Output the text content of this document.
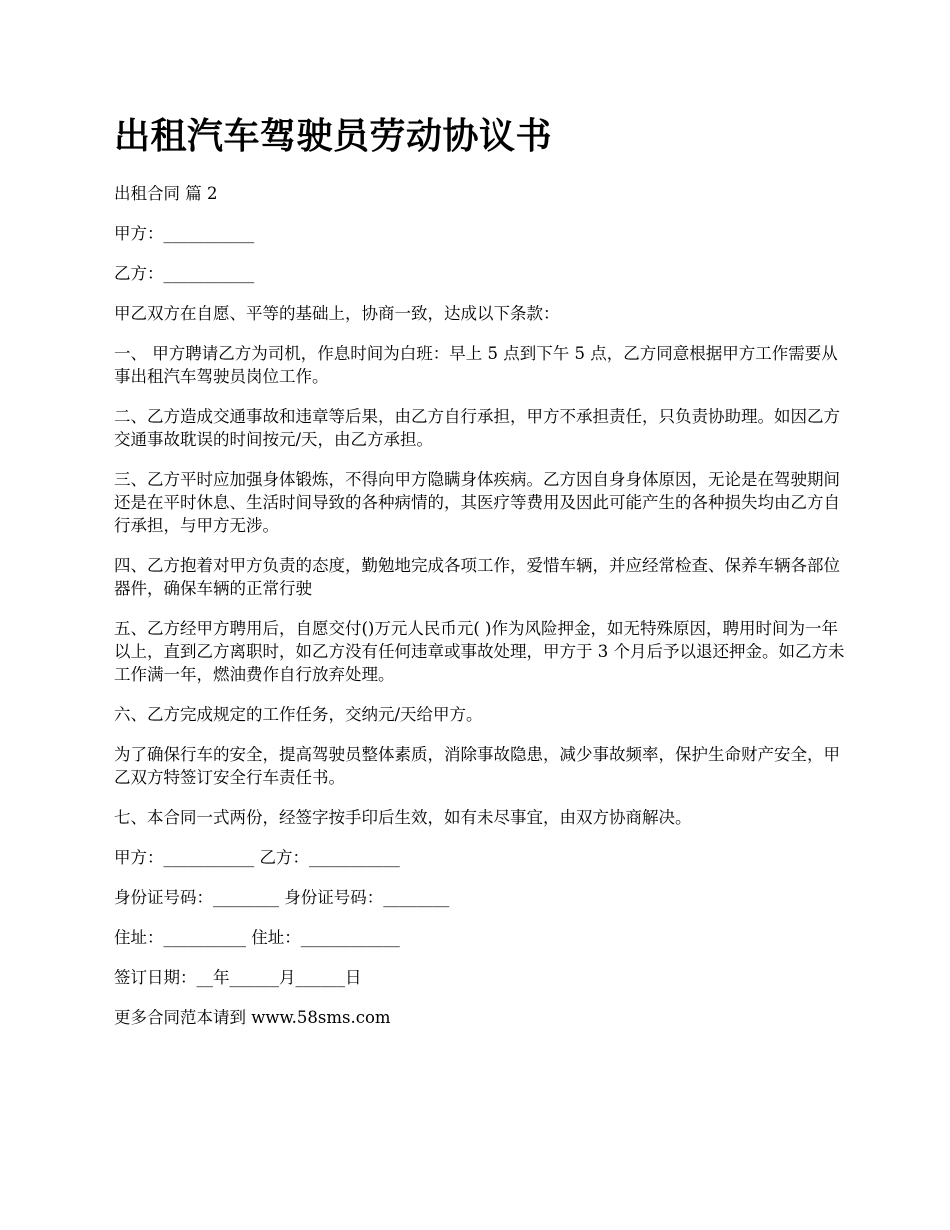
出租汽车驾驶员劳动协议书

出租合同 篇 2

甲方：___________

乙方：___________

甲乙双方在自愿、平等的基础上，协商一致，达成以下条款：

一、 甲方聘请乙方为司机，作息时间为白班：早上 5 点到下午 5 点，乙方同意根据甲方工作需要从事出租汽车驾驶员岗位工作。

二、乙方造成交通事故和违章等后果，由乙方自行承担，甲方不承担责任，只负责协助理。如因乙方交通事故耽误的时间按元/天，由乙方承担。

三、乙方平时应加强身体锻炼，不得向甲方隐瞒身体疾病。乙方因自身身体原因，无论是在驾驶期间还是在平时休息、生活时间导致的各种病情的，其医疗等费用及因此可能产生的各种损失均由乙方自行承担，与甲方无涉。

四、乙方抱着对甲方负责的态度，勤勉地完成各项工作，爱惜车辆，并应经常检查、保养车辆各部位器件，确保车辆的正常行驶

五、乙方经甲方聘用后，自愿交付()万元人民币元( )作为风险押金，如无特殊原因，聘用时间为一年以上，直到乙方离职时，如乙方没有任何违章或事故处理，甲方于 3 个月后予以退还押金。如乙方未工作满一年，燃油费作自行放弃处理。

六、乙方完成规定的工作任务，交纳元/天给甲方。

为了确保行车的安全，提高驾驶员整体素质，消除事故隐患，减少事故频率，保护生命财产安全，甲乙双方特签订安全行车责任书。

七、本合同一式两份，经签字按手印后生效，如有未尽事宜，由双方协商解决。

甲方：___________ 乙方：___________

身份证号码：________ 身份证号码：________

住址：__________ 住址：____________

签订日期：__年______月______日

更多合同范本请到 www.58sms.com
